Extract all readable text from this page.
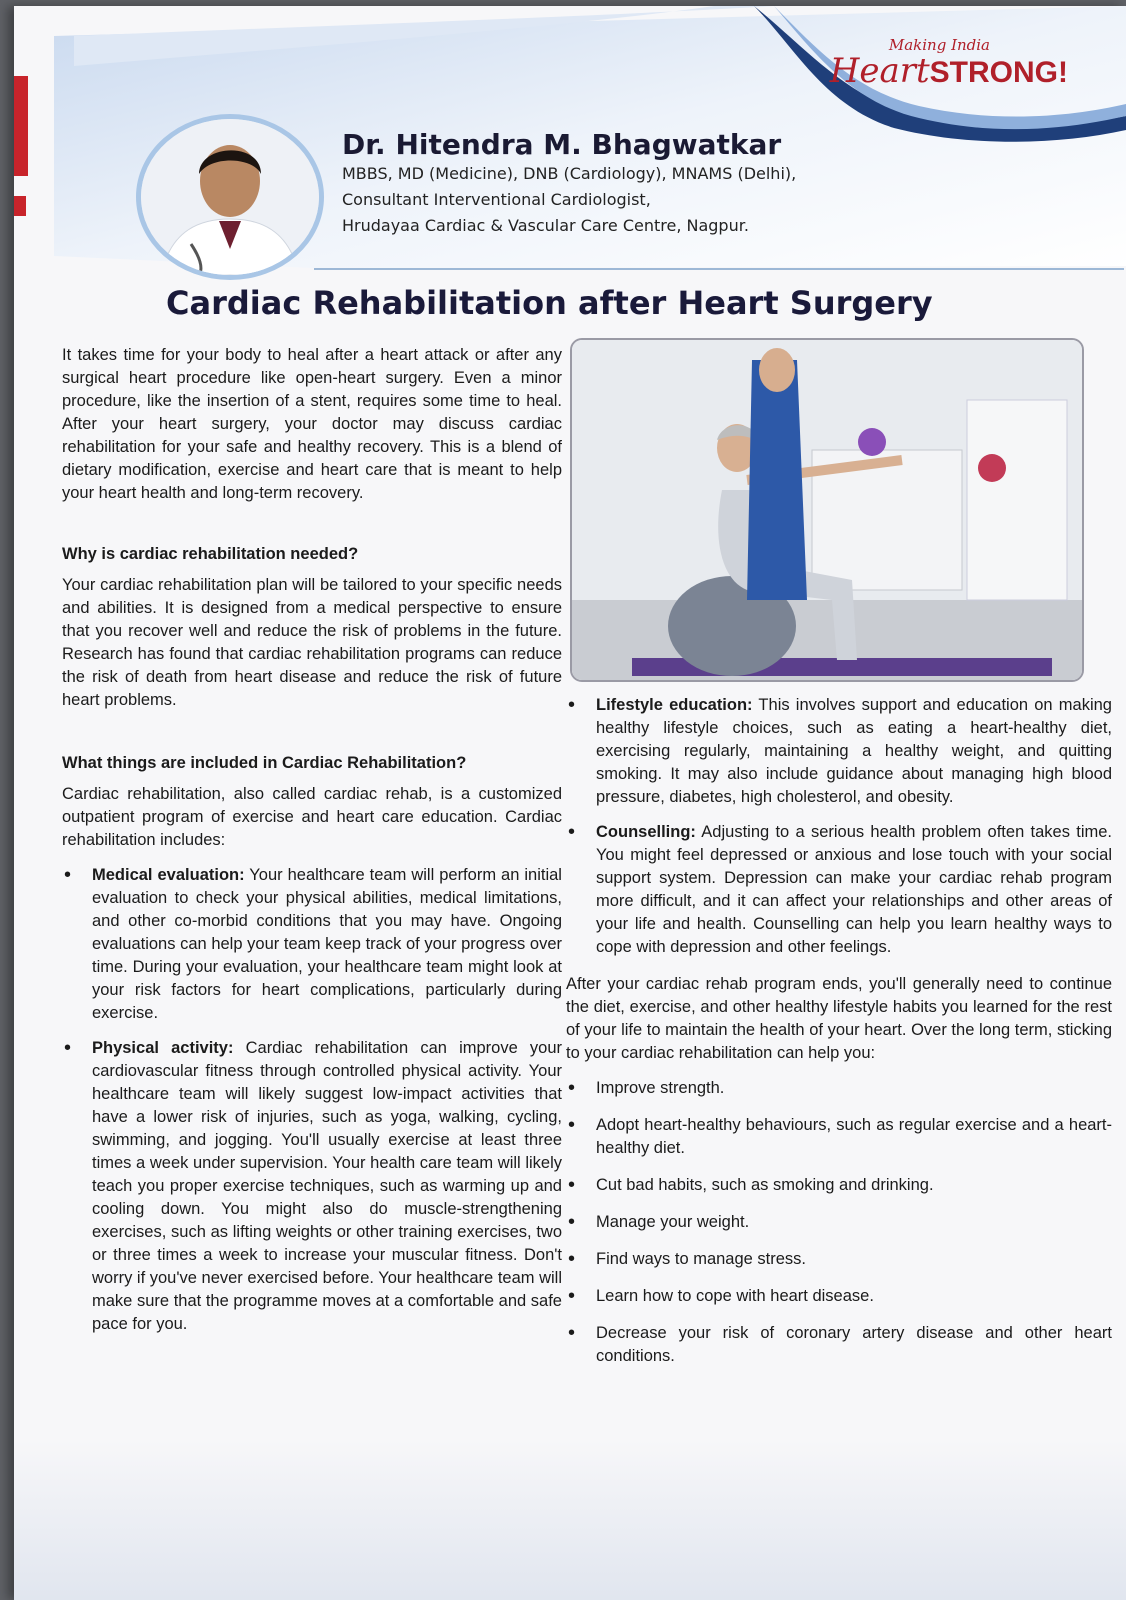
Making India
HeartSTRONG!
Dr. Hitendra M. Bhagwatkar
MBBS, MD (Medicine), DNB (Cardiology), MNAMS (Delhi),
Consultant Interventional Cardiologist,
Hrudayaa Cardiac & Vascular Care Centre, Nagpur.
Cardiac Rehabilitation after Heart Surgery

It takes time for your body to heal after a heart attack or after any surgical heart procedure like open-heart surgery. Even a minor procedure, like the insertion of a stent, requires some time to heal. After your heart surgery, your doctor may discuss cardiac rehabilitation for your safe and healthy recovery. This is a blend of dietary modification, exercise and heart care that is meant to help your heart health and long-term recovery.

Why is cardiac rehabilitation needed?

Your cardiac rehabilitation plan will be tailored to your specific needs and abilities. It is designed from a medical perspective to ensure that you recover well and reduce the risk of problems in the future. Research has found that cardiac rehabilitation programs can reduce the risk of death from heart disease and reduce the risk of future heart problems.

What things are included in Cardiac Rehabilitation?

Cardiac rehabilitation, also called cardiac rehab, is a customized outpatient program of exercise and heart care education. Cardiac rehabilitation includes:

• Medical evaluation: Your healthcare team will perform an initial evaluation to check your physical abilities, medical limitations, and other co-morbid conditions that you may have. Ongoing evaluations can help your team keep track of your progress over time. During your evaluation, your healthcare team might look at your risk factors for heart complications, particularly during exercise.
• Physical activity: Cardiac rehabilitation can improve your cardiovascular fitness through controlled physical activity. Your healthcare team will likely suggest low-impact activities that have a lower risk of injuries, such as yoga, walking, cycling, swimming, and jogging. You'll usually exercise at least three times a week under supervision. Your health care team will likely teach you proper exercise techniques, such as warming up and cooling down. You might also do muscle-strengthening exercises, such as lifting weights or other training exercises, two or three times a week to increase your muscular fitness. Don't worry if you've never exercised before. Your healthcare team will make sure that the programme moves at a comfortable and safe pace for you.
• Lifestyle education: This involves support and education on making healthy lifestyle choices, such as eating a heart-healthy diet, exercising regularly, maintaining a healthy weight, and quitting smoking. It may also include guidance about managing high blood pressure, diabetes, high cholesterol, and obesity.
• Counselling: Adjusting to a serious health problem often takes time. You might feel depressed or anxious and lose touch with your social support system. Depression can make your cardiac rehab program more difficult, and it can affect your relationships and other areas of your life and health. Counselling can help you learn healthy ways to cope with depression and other feelings.

After your cardiac rehab program ends, you'll generally need to continue the diet, exercise, and other healthy lifestyle habits you learned for the rest of your life to maintain the health of your heart. Over the long term, sticking to your cardiac rehabilitation can help you:

• Improve strength.
• Adopt heart-healthy behaviours, such as regular exercise and a heart-healthy diet.
• Cut bad habits, such as smoking and drinking.
• Manage your weight.
• Find ways to manage stress.
• Learn how to cope with heart disease.
• Decrease your risk of coronary artery disease and other heart conditions.
